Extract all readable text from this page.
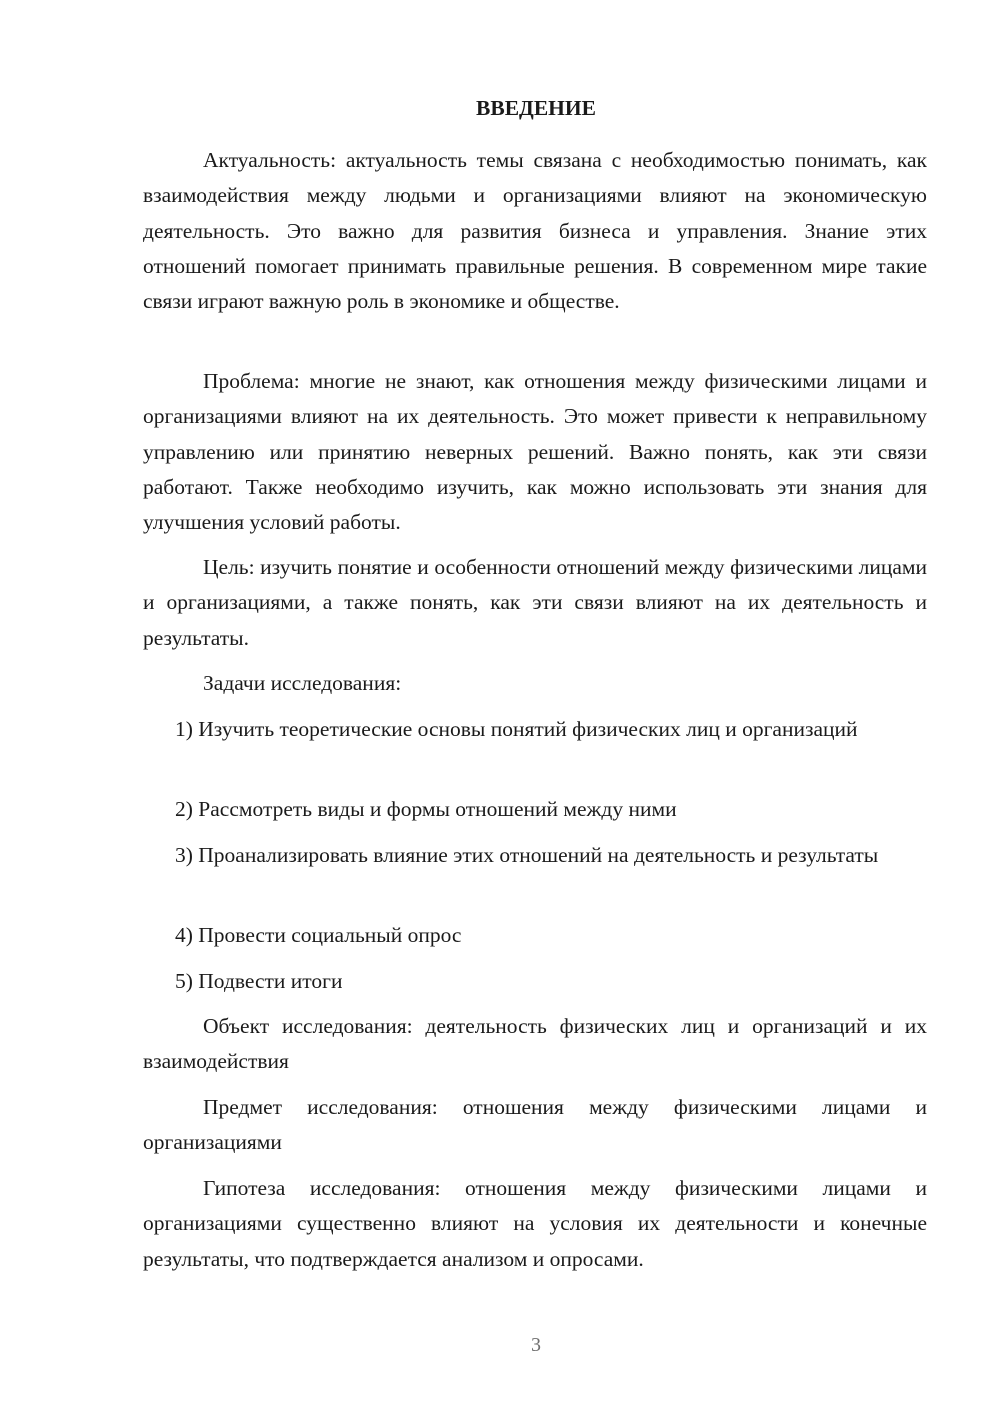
ВВЕДЕНИЕ

Актуальность: актуальность темы связана с необходимостью понимать, как взаимодействия между людьми и организациями влияют на экономическую деятельность. Это важно для развития бизнеса и управления. Знание этих отношений помогает принимать правильные решения. В современном мире такие связи играют важную роль в экономике и обществе.

Проблема: многие не знают, как отношения между физическими лицами и организациями влияют на их деятельность. Это может привести к неправильному управлению или принятию неверных решений. Важно понять, как эти связи работают. Также необходимо изучить, как можно использовать эти знания для улучшения условий работы.

Цель: изучить понятие и особенности отношений между физическими лицами и организациями, а также понять, как эти связи влияют на их деятельность и результаты.

Задачи исследования:

1) Изучить теоретические основы понятий физических лиц и организаций

2) Рассмотреть виды и формы отношений между ними

3) Проанализировать влияние этих отношений на деятельность и результаты

4) Провести социальный опрос

5) Подвести итоги

Объект исследования: деятельность физических лиц и организаций и их взаимодействия

Предмет исследования: отношения между физическими лицами и организациями

Гипотеза исследования: отношения между физическими лицами и организациями существенно влияют на условия их деятельности и конечные результаты, что подтверждается анализом и опросами.

3
